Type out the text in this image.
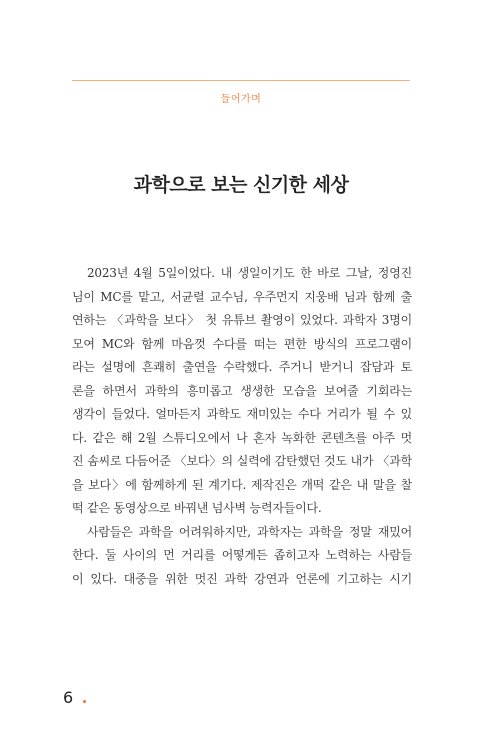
들어가며
과학으로 보는 신기한 세상
2023년 4월 5일이었다. 내 생일이기도 한 바로 그날, 정영진
님이 MC를 맡고, 서균렬 교수님, 우주먼지 지웅배 님과 함께 출
연하는 〈과학을 보다〉 첫 유튜브 촬영이 있었다. 과학자 3명이
모여 MC와 함께 마음껏 수다를 떠는 편한 방식의 프로그램이
라는 설명에 흔쾌히 출연을 수락했다. 주거니 받거니 잡담과 토
론을 하면서 과학의 흥미롭고 생생한 모습을 보여줄 기회라는
생각이 들었다. 얼마든지 과학도 재미있는 수다 거리가 될 수 있
다. 같은 해 2월 스튜디오에서 나 혼자 녹화한 콘텐츠를 아주 멋
진 솜씨로 다듬어준 〈보다〉의 실력에 감탄했던 것도 내가 〈과학
을 보다〉에 함께하게 된 계기다. 제작진은 개떡 같은 내 말을 찰
떡 같은 동영상으로 바꿔낸 넘사벽 능력자들이다.
사람들은 과학을 어려워하지만, 과학자는 과학을 정말 재밌어
한다. 둘 사이의 먼 거리를 어떻게든 좁히고자 노력하는 사람들
이 있다. 대중을 위한 멋진 과학 강연과 언론에 기고하는 시기
6
